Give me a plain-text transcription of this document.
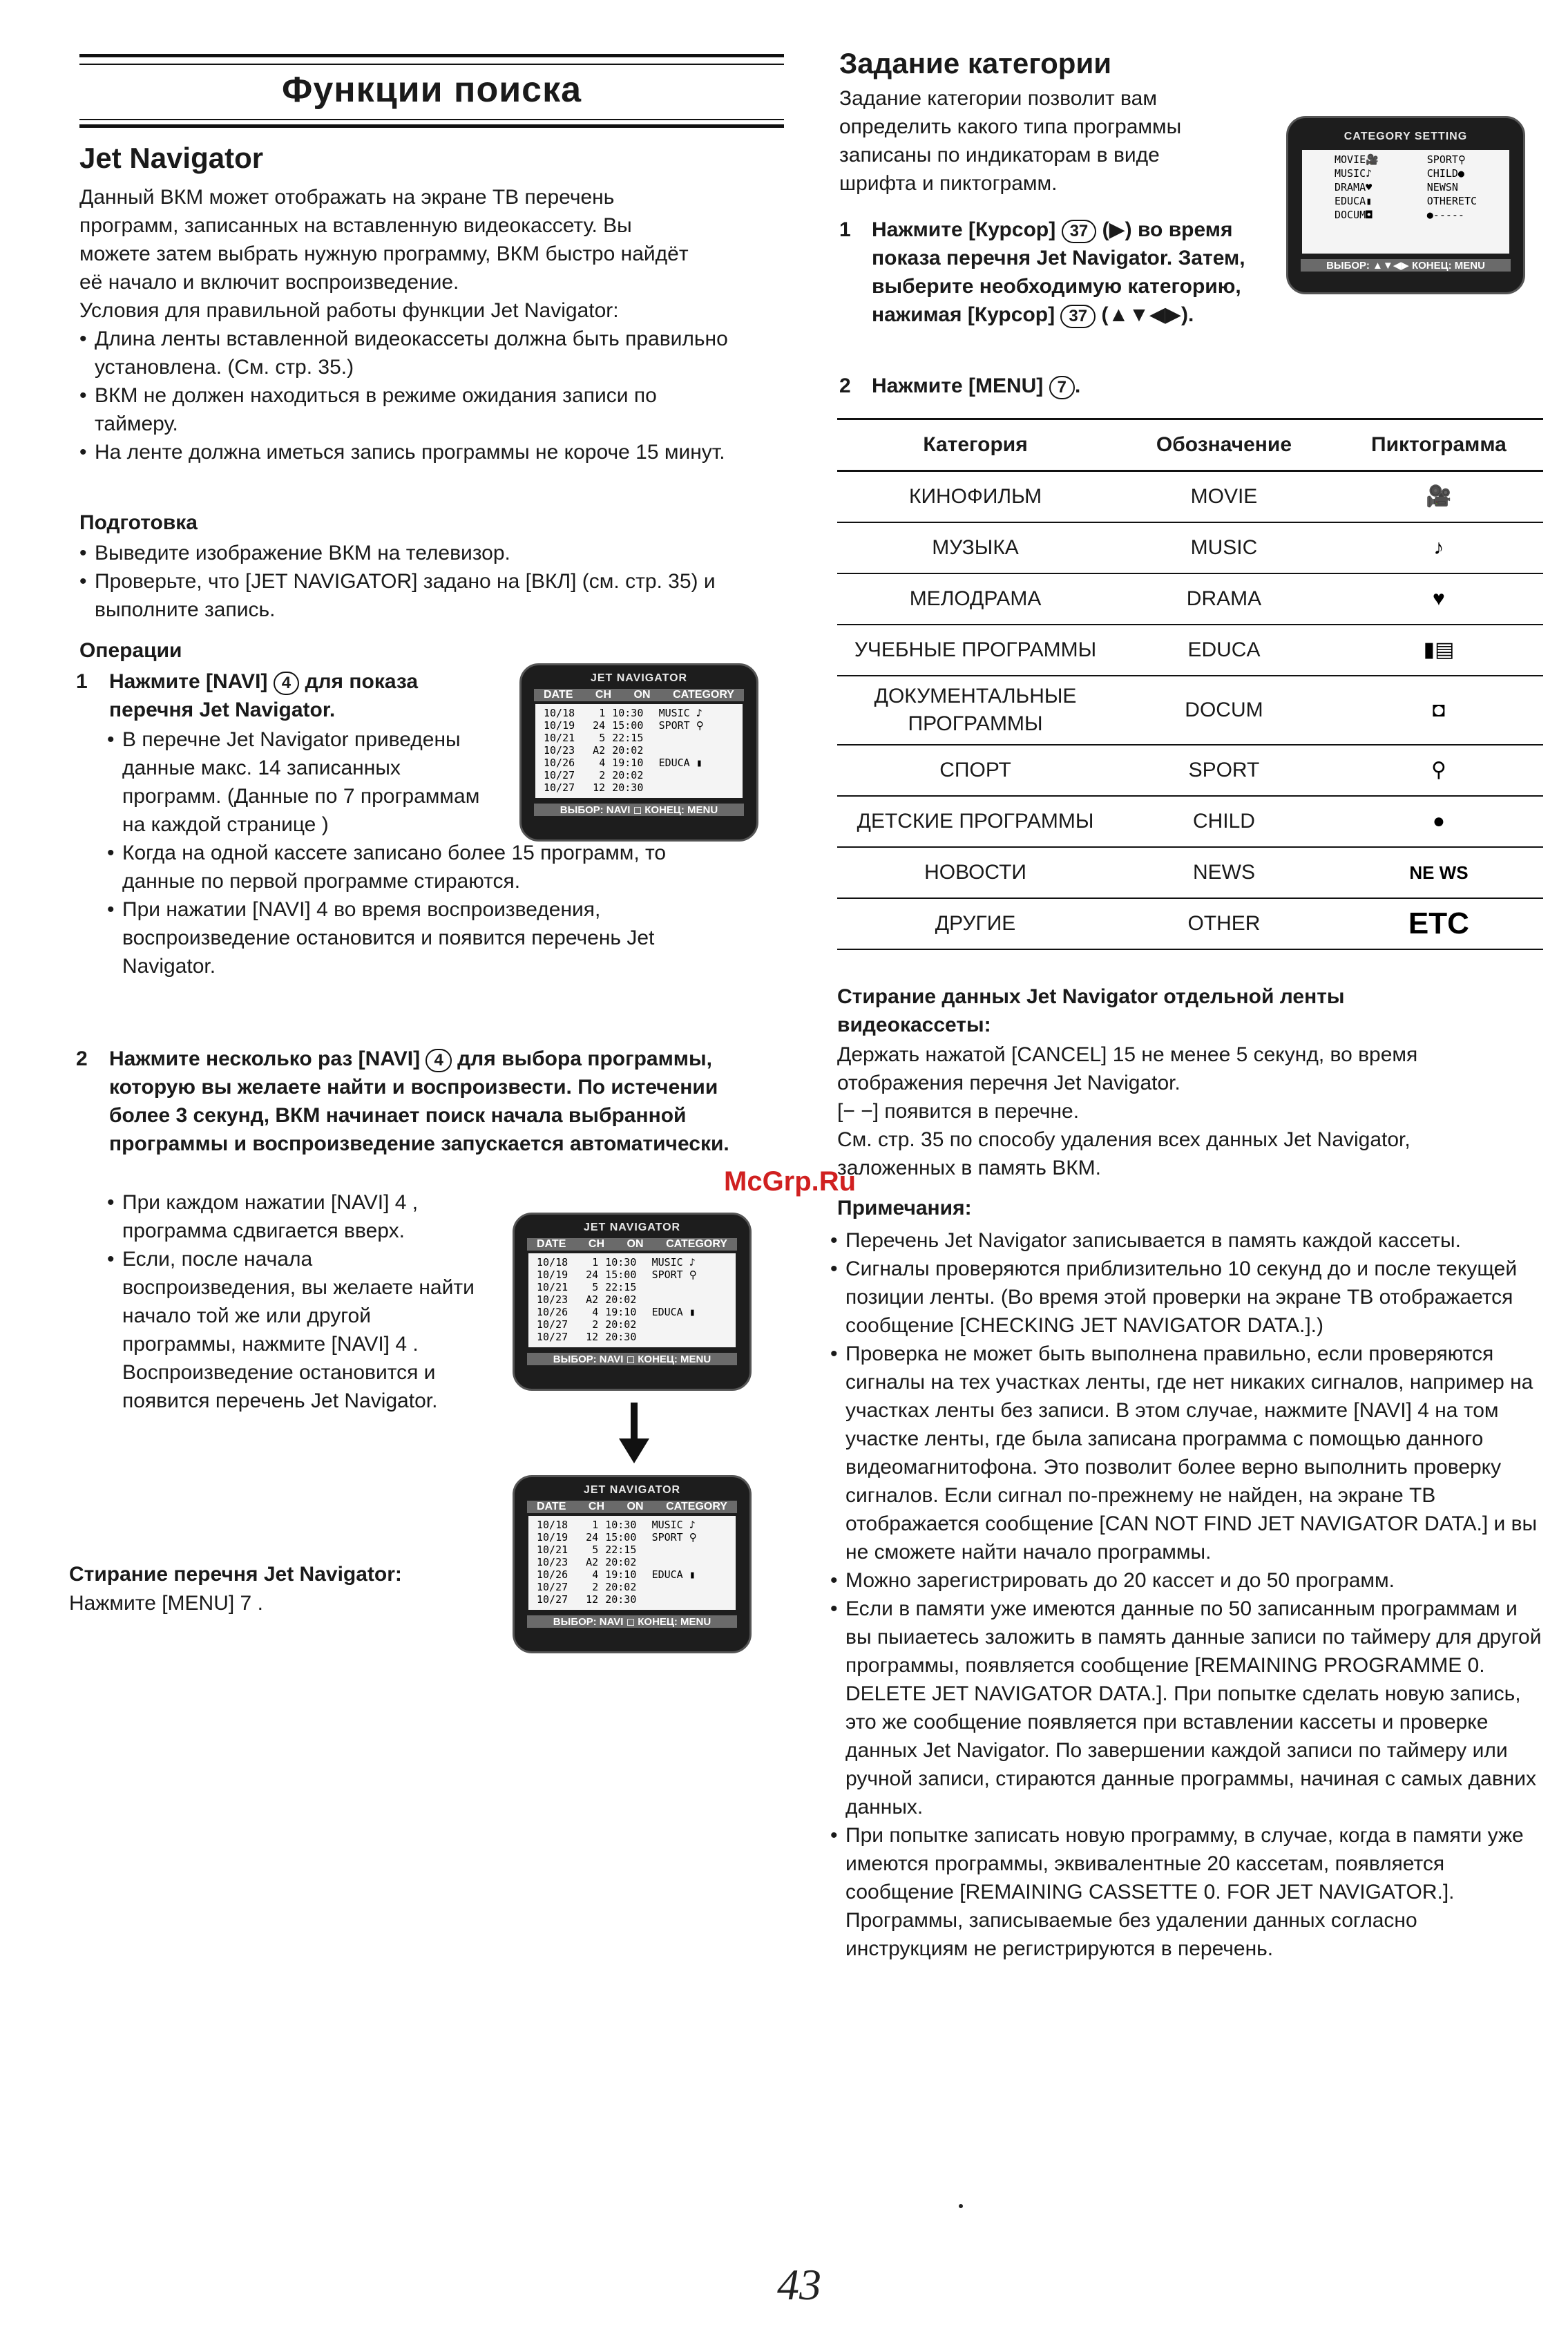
Функции поиска
Jet Navigator
Данный ВКМ может отображать на экране ТВ перечень программ, записанных на вставленную видеокассету. Вы можете затем выбрать нужную программу, ВКМ быстро найдёт её начало и включит воспроизведение.
Условия для правильной работы функции Jet Navigator:
• Длина ленты вставленной видеокассеты должна быть правильно установлена. (См. стр. 35.)
• ВКМ не должен находиться в режиме ожидания записи по таймеру.
• На ленте должна иметься запись программы не короче 15 минут.
Подготовка
• Выведите изображение ВКМ на телевизор.
• Проверьте, что [JET NAVIGATOR] задано на [ВКЛ] (см. стр. 35) и выполните запись.
Операции
1 Нажмите [NAVI] 4 для показа перечня Jet Navigator.
• В перечне Jet Navigator приведены данные макс. 14 записанных программ. (Данные по 7 программам на каждой странице )
• Когда на одной кассете записано более 15 программ, то данные по первой программе стираются.
• При нажатии [NAVI] 4 во время воспроизведения, воспроизведение остановится и появится перечень Jet Navigator.
JET NAVIGATOR
DATE CH ON CATEGORY
10/18	1 10:30	MUSIC ♪
10/19	24 15:00	SPORT ⚲
10/21	5 22:15
10/23	A2 20:02
10/26	4 19:10	EDUCA ▮
10/27	2 20:02
10/27	12 20:30
ВЫБОР: NAVI ◻ КОНЕЦ: MENU
2 Нажмите несколько раз [NAVI] 4 для выбора программы, которую вы желаете найти и воспроизвести. По истечении более 3 секунд, ВКМ начинает поиск начала выбранной программы и воспроизведение запускается автоматически.
• При каждом нажатии [NAVI] 4 , программа сдвигается вверх.
• Если, после начала воспроизведения, вы желаете найти начало той же или другой программы, нажмите [NAVI] 4 . Воспроизведение остановится и появится перечень Jet Navigator.
JET NAVIGATOR
DATE CH ON CATEGORY
10/18	1 10:30	MUSIC ♪
10/19	24 15:00	SPORT ⚲
10/21	5 22:15
10/23	A2 20:02
10/26	4 19:10	EDUCA ▮
10/27	2 20:02
10/27	12 20:30
ВЫБОР: NAVI ◻ КОНЕЦ: MENU
JET NAVIGATOR
DATE CH ON CATEGORY
10/18	1 10:30	MUSIC ♪
10/19	24 15:00	SPORT ⚲
10/21	5 22:15
10/23	A2 20:02
10/26	4 19:10	EDUCA ▮
10/27	2 20:02
10/27	12 20:30
ВЫБОР: NAVI ◻ КОНЕЦ: MENU
Стирание перечня Jet Navigator:
Нажмите [MENU] 7 .
Задание категории
Задание категории позволит вам определить какого типа программы записаны по индикаторам в виде шрифта и пиктограмм.
CATEGORY SETTING
MOVIE 🎥
MUSIC ♪
DRAMA ♥
EDUCA ▮
DOCUM ◘
SPORT ⚲
CHILD ●
NEWS N
OTHER ETC
●-----
ВЫБОР: ▲▼◀▶ КОНЕЦ: MENU
1 Нажмите [Курсор] 37 (▶) во время показа перечня Jet Navigator. Затем, выберите необходимую категорию, нажимая [Курсор] 37 (▲▼◀▶).
2 Нажмите [MENU] 7 .
Категория	Обозначение	Пиктограмма
КИНОФИЛЬМ	MOVIE	🎥
МУЗЫКА	MUSIC	♪
МЕЛОДРАМА	DRAMA	♥
УЧЕБНЫЕ ПРОГРАММЫ	EDUCA	▮▤
ДОКУМЕНТАЛЬНЫЕ ПРОГРАММЫ	DOCUM	◘
СПОРТ	SPORT	⚲
ДЕТСКИЕ ПРОГРАММЫ	CHILD	●
НОВОСТИ	NEWS	NE WS
ДРУГИЕ	OTHER	ETC
Стирание данных Jet Navigator отдельной ленты видеокассеты:
Держать нажатой [CANCEL] 15 не менее 5 секунд, во время отображения перечня Jet Navigator.
[− −] появится в перечне.
См. стр. 35 по способу удаления всех данных Jet Navigator, заложенных в память ВКМ.
McGrp.Ru
Примечания:
• Перечень Jet Navigator записывается в память каждой кассеты.
• Сигналы проверяются приблизительно 10 секунд до и после текущей позиции ленты. (Во время этой проверки на экране ТВ отображается сообщение [CHECKING JET NAVIGATOR DATA.].)
• Проверка не может быть выполнена правильно, если проверяются сигналы на тех участках ленты, где нет никаких сигналов, например на участках ленты без записи. В этом случае, нажмите [NAVI] 4 на том участке ленты, где была записана программа с помощью данного видеомагнитофона. Это позволит более верно выполнить проверку сигналов. Если сигнал по-прежнему не найден, на экране ТВ отображается сообщение [CAN NOT FIND JET NAVIGATOR DATA.] и вы не сможете найти начало программы.
• Можно зарегистрировать до 20 кассет и до 50 программ.
• Если в памяти уже имеются данные по 50 записанным программам и вы пыиаетесь заложить в память данные записи по таймеру для другой программы, появляется сообщение [REMAINING PROGRAMME 0. DELETE JET NAVIGATOR DATA.]. При попытке сделать новую запись, это же сообщение появляется при вставлении кассеты и проверке данных Jet Navigator. По завершении каждой записи по таймеру или ручной записи, стираются данные программы, начиная с самых давних данных.
• При попытке записать новую программу, в случае, когда в памяти уже имеются программы, эквивалентные 20 кассетам, появляется сообщение [REMAINING CASSETTE 0. FOR JET NAVIGATOR.]. Программы, записываемые без удалении данных согласно инструкциям не регистрируются в перечень.
43
